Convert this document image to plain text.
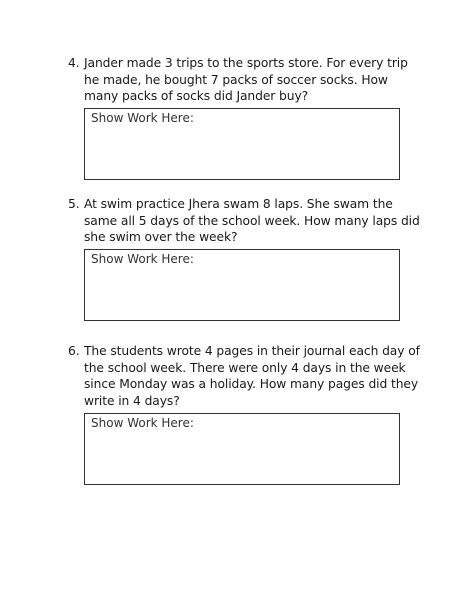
4. Jander made 3 trips to the sports store. For every trip he made, he bought 7 packs of soccer socks. How many packs of socks did Jander buy?
Show Work Here:
5. At swim practice Jhera swam 8 laps. She swam the same all 5 days of the school week. How many laps did she swim over the week?
Show Work Here:
6. The students wrote 4 pages in their journal each day of the school week. There were only 4 days in the week since Monday was a holiday. How many pages did they write in 4 days?
Show Work Here:
